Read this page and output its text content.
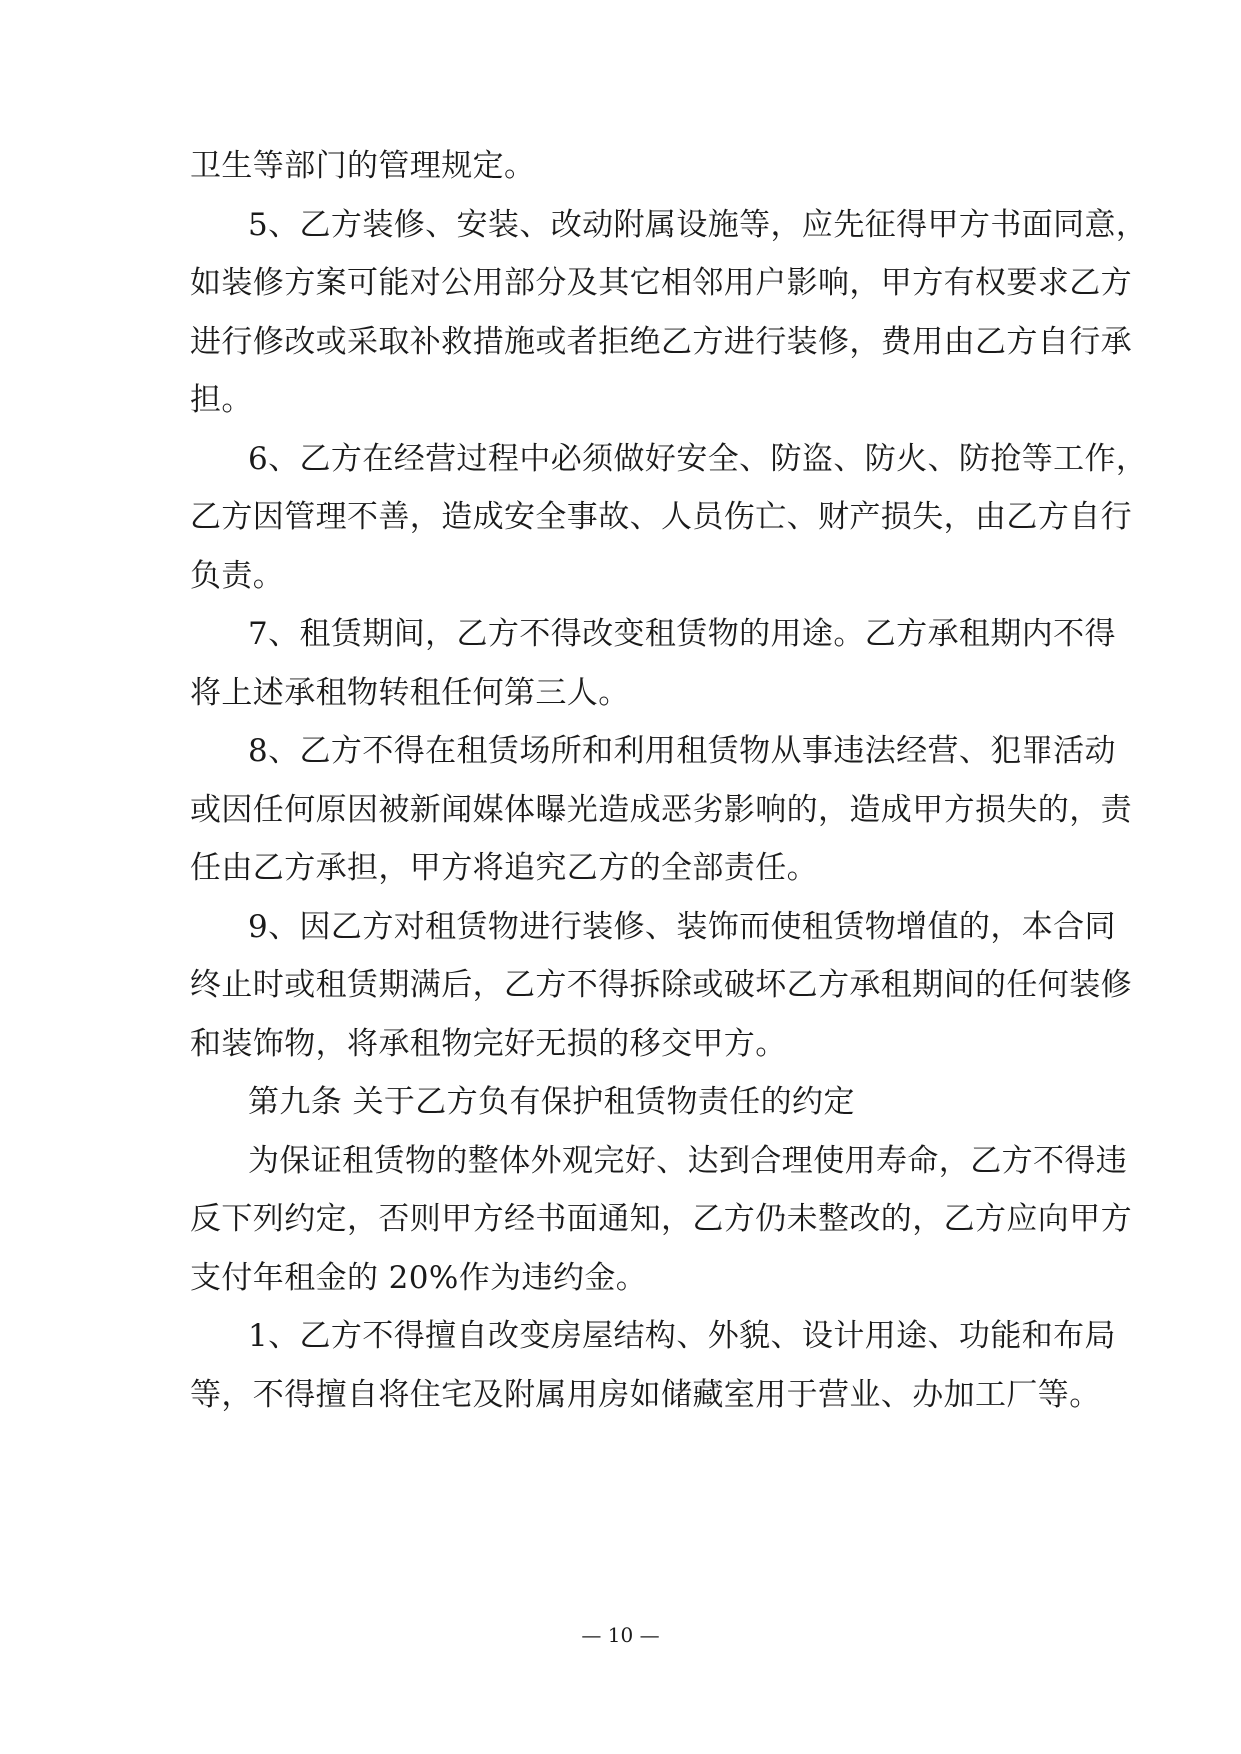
卫生等部门的管理规定。
5、乙方装修、安装、改动附属设施等，应先征得甲方书面同意，
如装修方案可能对公用部分及其它相邻用户影响，甲方有权要求乙方
进行修改或采取补救措施或者拒绝乙方进行装修，费用由乙方自行承
担。
6、乙方在经营过程中必须做好安全、防盗、防火、防抢等工作，
乙方因管理不善，造成安全事故、人员伤亡、财产损失，由乙方自行
负责。
7、租赁期间，乙方不得改变租赁物的用途。乙方承租期内不得
将上述承租物转租任何第三人。
8、乙方不得在租赁场所和利用租赁物从事违法经营、犯罪活动
或因任何原因被新闻媒体曝光造成恶劣影响的，造成甲方损失的，责
任由乙方承担，甲方将追究乙方的全部责任。
9、因乙方对租赁物进行装修、装饰而使租赁物增值的，本合同
终止时或租赁期满后，乙方不得拆除或破坏乙方承租期间的任何装修
和装饰物，将承租物完好无损的移交甲方。
第九条 关于乙方负有保护租赁物责任的约定
为保证租赁物的整体外观完好、达到合理使用寿命，乙方不得违
反下列约定，否则甲方经书面通知，乙方仍未整改的，乙方应向甲方
支付年租金的 20%作为违约金。
1、乙方不得擅自改变房屋结构、外貌、设计用途、功能和布局
等，不得擅自将住宅及附属用房如储藏室用于营业、办加工厂等。
— 10 —
